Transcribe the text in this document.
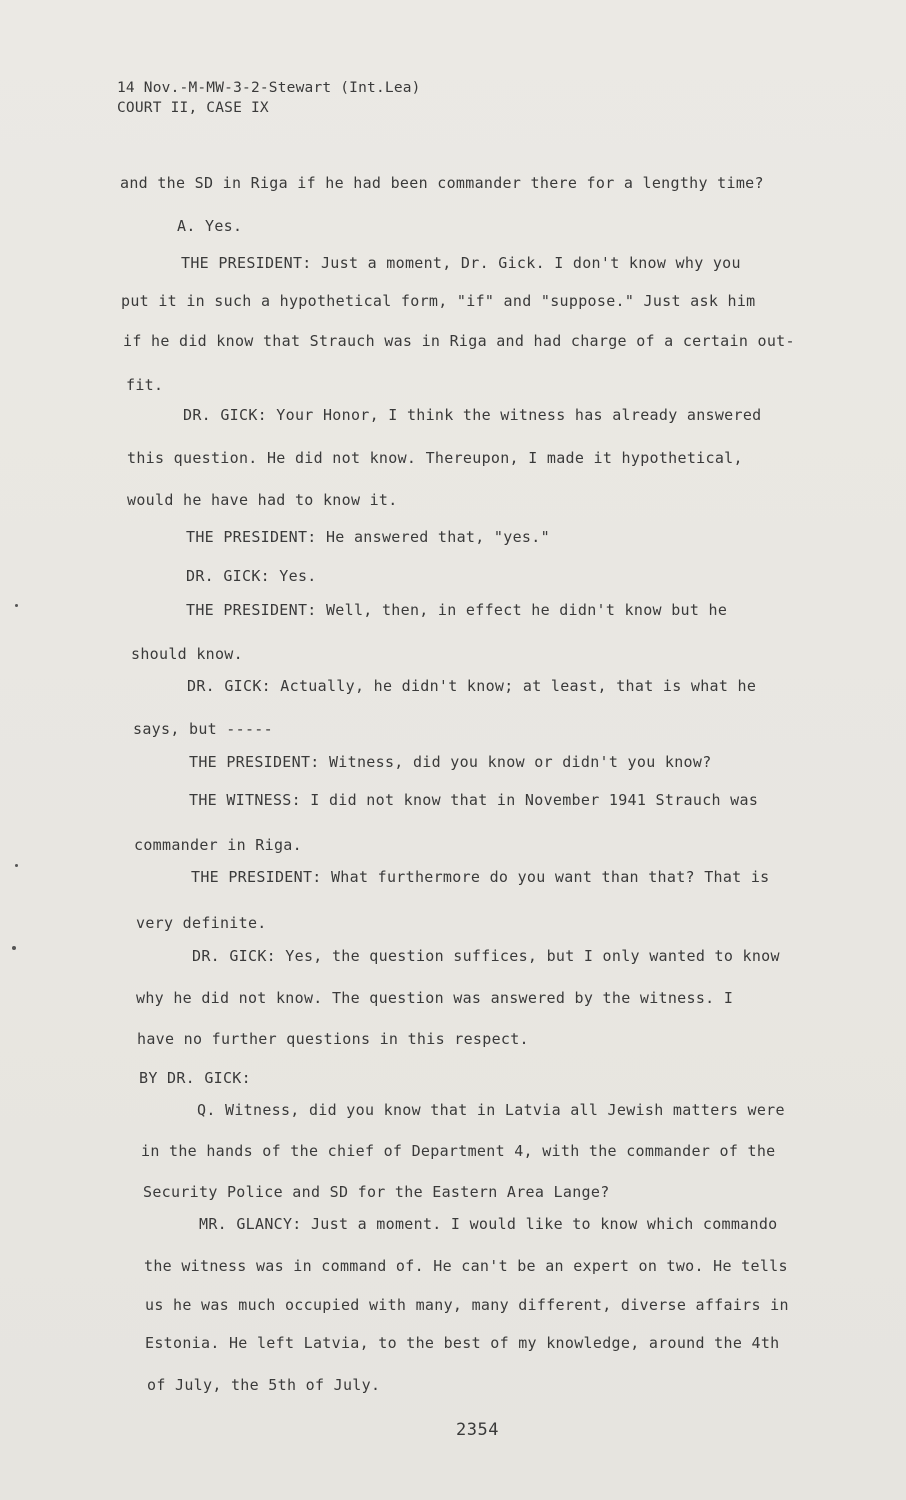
14 Nov.-M-MW-3-2-Stewart (Int.Lea)
COURT II, CASE IX
and the SD in Riga if he had been commander there for a lengthy time?
A. Yes.
THE PRESIDENT: Just a moment, Dr. Gick. I don't know why you
put it in such a hypothetical form, "if" and "suppose." Just ask him
if he did know that Strauch was in Riga and had charge of a certain out-
fit.
DR. GICK: Your Honor, I think the witness has already answered
this question. He did not know. Thereupon, I made it hypothetical,
would he have had to know it.
THE PRESIDENT: He answered that, "yes."
DR. GICK: Yes.
THE PRESIDENT: Well, then, in effect he didn't know but he
should know.
DR. GICK: Actually, he didn't know; at least, that is what he
says, but -----
THE PRESIDENT: Witness, did you know or didn't you know?
THE WITNESS: I did not know that in November 1941 Strauch was
commander in Riga.
THE PRESIDENT: What furthermore do you want than that? That is
very definite.
DR. GICK: Yes, the question suffices, but I only wanted to know
why he did not know. The question was answered by the witness. I
have no further questions in this respect.
BY DR. GICK:
Q. Witness, did you know that in Latvia all Jewish matters were
in the hands of the chief of Department 4, with the commander of the
Security Police and SD for the Eastern Area Lange?
MR. GLANCY: Just a moment. I would like to know which commando
the witness was in command of. He can't be an expert on two. He tells
us he was much occupied with many, many different, diverse affairs in
Estonia. He left Latvia, to the best of my knowledge, around the 4th
of July, the 5th of July.
2354
